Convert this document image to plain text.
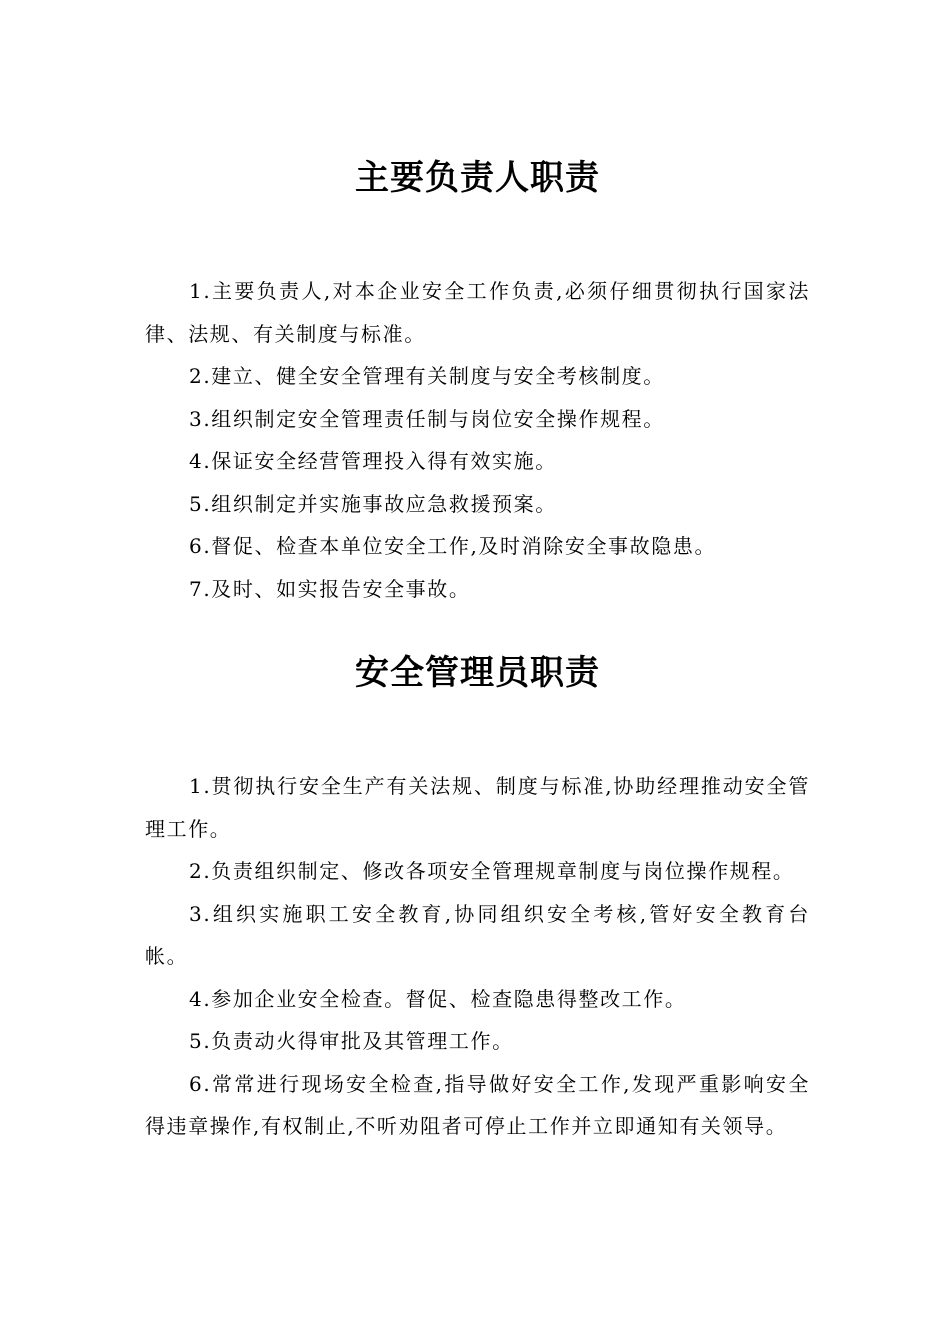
主要负责人职责
1.主要负责人,对本企业安全工作负责,必须仔细贯彻执行国家法律、法规、有关制度与标准。
2.建立、健全安全管理有关制度与安全考核制度。
3.组织制定安全管理责任制与岗位安全操作规程。
4.保证安全经营管理投入得有效实施。
5.组织制定并实施事故应急救援预案。
6.督促、检查本单位安全工作,及时消除安全事故隐患。
7.及时、如实报告安全事故。
安全管理员职责
1.贯彻执行安全生产有关法规、制度与标准,协助经理推动安全管理工作。
2.负责组织制定、修改各项安全管理规章制度与岗位操作规程。
3.组织实施职工安全教育,协同组织安全考核,管好安全教育台帐。
4.参加企业安全检查。督促、检查隐患得整改工作。
5.负责动火得审批及其管理工作。
6.常常进行现场安全检查,指导做好安全工作,发现严重影响安全得违章操作,有权制止,不听劝阻者可停止工作并立即通知有关领导。
